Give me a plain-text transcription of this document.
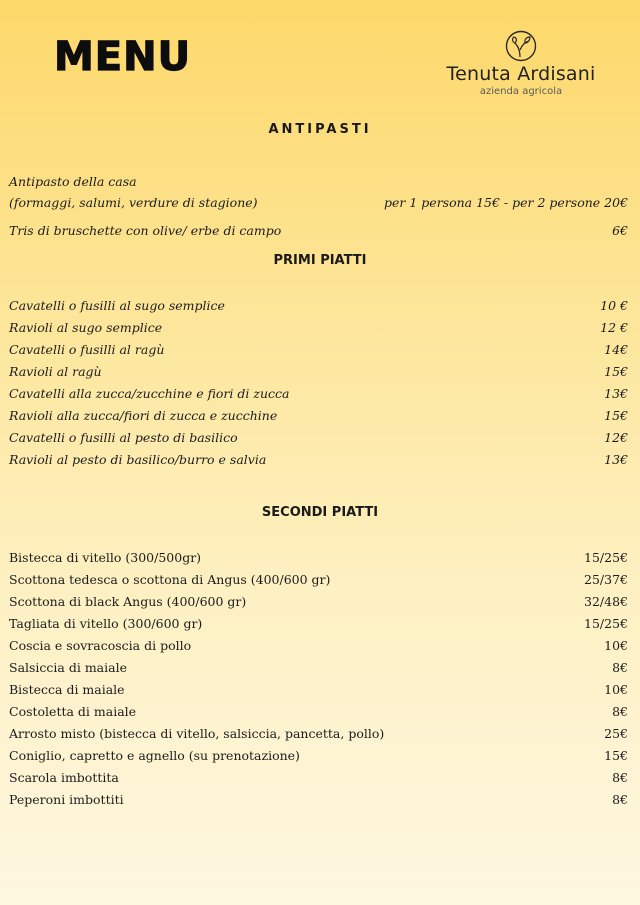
MENU	Tenuta Ardisani
azienda agricola
ANTIPASTI
Antipasto della casa
(formaggi, salumi, verdure di stagione)	per 1 persona 15€ - per 2 persone 20€
Tris di bruschette con olive/ erbe di campo	6€
PRIMI PIATTI
Cavatelli o fusilli al sugo semplice	10 €
Ravioli al sugo semplice	12 €
Cavatelli o fusilli al ragù	14€
Ravioli al ragù	15€
Cavatelli alla zucca/zucchine e fiori di zucca	13€
Ravioli alla zucca/fiori di zucca e zucchine	15€
Cavatelli o fusilli al pesto di basilico	12€
Ravioli al pesto di basilico/burro e salvia	13€
SECONDI PIATTI
Bistecca di vitello (300/500gr)	15/25€
Scottona tedesca o scottona di Angus (400/600 gr)	25/37€
Scottona di black Angus (400/600 gr)	32/48€
Tagliata di vitello (300/600 gr)	15/25€
Coscia e sovracoscia di pollo	10€
Salsiccia di maiale	8€
Bistecca di maiale	10€
Costoletta di maiale	8€
Arrosto misto (bistecca di vitello, salsiccia, pancetta, pollo)	25€
Coniglio, capretto e agnello (su prenotazione)	15€
Scarola imbottita	8€
Peperoni imbottiti	8€
